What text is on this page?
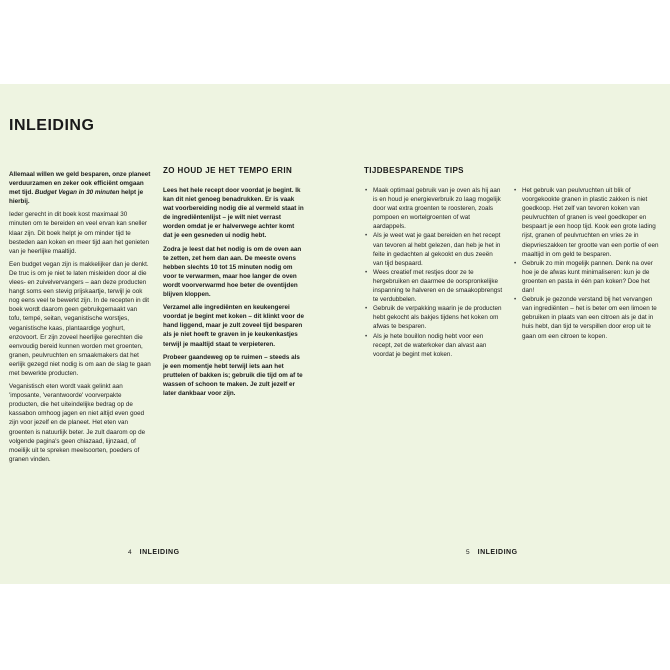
INLEIDING

Allemaal willen we geld besparen, onze planeet verduurzamen en zeker ook efficiënt omgaan met tijd. Budget Vegan in 30 minuten helpt je hierbij.

Ieder gerecht in dit boek kost maximaal 30 minuten om te bereiden en veel ervan kan sneller klaar zijn. Dit boek helpt je om minder tijd te besteden aan koken en meer tijd aan het genieten van je heerlijke maaltijd.

Een budget vegan zijn is makkelijker dan je denkt. De truc is om je niet te laten misleiden door al die vlees- en zuivelvervangers – aan deze producten hangt soms een stevig prijskaartje, terwijl je ook nog eens veel te bewerkt zijn. In de recepten in dit boek wordt daarom geen gebruikgemaakt van tofu, tempé, seitan, veganistische worstjes, veganistische kaas, plantaardige yoghurt, enzovoort. Er zijn zoveel heerlijke gerechten die eenvoudig bereid kunnen worden met groenten, granen, peulvruchten en smaakmakers dat het eerlijk gezegd niet nodig is om aan de slag te gaan met bewerkte producten.

Veganistisch eten wordt vaak gelinkt aan 'imposante, 'verantwoorde' voorverpakte producten, die het uiteindelijke bedrag op de kassabon omhoog jagen en niet altijd even goed zijn voor jezelf en de planeet. Het eten van groenten is natuurlijk beter. Je zult daarom op de volgende pagina's geen chiazaad, lijnzaad, of moeilijk uit te spreken meelsoorten, poeders of granen vinden.

ZO HOUD JE HET TEMPO ERIN

Lees het hele recept door voordat je begint. Ik kan dit niet genoeg benadrukken. Er is vaak wat voorbereiding nodig die al vermeld staat in de ingrediëntenlijst – je wilt niet verrast worden omdat je er halverwege achter komt dat je een gesneden ui nodig hebt.

Zodra je leest dat het nodig is om de oven aan te zetten, zet hem dan aan. De meeste ovens hebben slechts 10 tot 15 minuten nodig om voor te verwarmen, maar hoe langer de oven wordt voorverwarmd hoe beter de oventijden blijven kloppen.

Verzamel alle ingrediënten en keukengerei voordat je begint met koken – dit klinkt voor de hand liggend, maar je zult zoveel tijd besparen als je niet hoeft te graven in je keukenkastjes terwijl je maaltijd staat te verpieteren.

Probeer gaandeweg op te ruimen – steeds als je een momentje hebt terwijl iets aan het pruttelen of bakken is; gebruik die tijd om af te wassen of schoon te maken. Je zult jezelf er later dankbaar voor zijn.

TIJDBESPARENDE TIPS
• Maak optimaal gebruik van je oven als hij aan is en houd je energieverbruik zo laag mogelijk door wat extra groenten te roosteren, zoals pompoen en wortelgroenten of wat aardappels.
• Als je weet wat je gaat bereiden en het recept van tevoren al hebt gelezen, dan heb je het in feite in gedachten al gekookt en dus zeeën van tijd bespaard.
• Wees creatief met restjes door ze te hergebruiken en daarmee de oorspronkelijke inspanning te halveren en de smaakopbrengst te verdubbelen.
• Gebruik de verpakking waarin je de producten hebt gekocht als bakjes tijdens het koken om afwas te besparen.
• Als je hete bouillon nodig hebt voor een recept, zet de waterkoker dan alvast aan voordat je begint met koken.
• Het gebruik van peulvruchten uit blik of voorgekookte granen in plastic zakken is niet goedkoop. Het zelf van tevoren koken van peulvruchten of granen is veel goedkoper en bespaart je een hoop tijd. Kook een grote lading rijst, granen of peulvruchten en vries ze in diepvrieszakken ter grootte van een portie of een maaltijd in om geld te besparen.
• Gebruik zo min mogelijk pannen. Denk na over hoe je de afwas kunt minimaliseren: kun je de groenten en pasta in één pan koken? Doe het dan!
• Gebruik je gezonde verstand bij het vervangen van ingrediënten – het is beter om een limoen te gebruiken in plaats van een citroen als je dat in huis hebt, dan tijd te verspillen door erop uit te gaan om een citroen te kopen.
4 INLEIDING	5 INLEIDING
